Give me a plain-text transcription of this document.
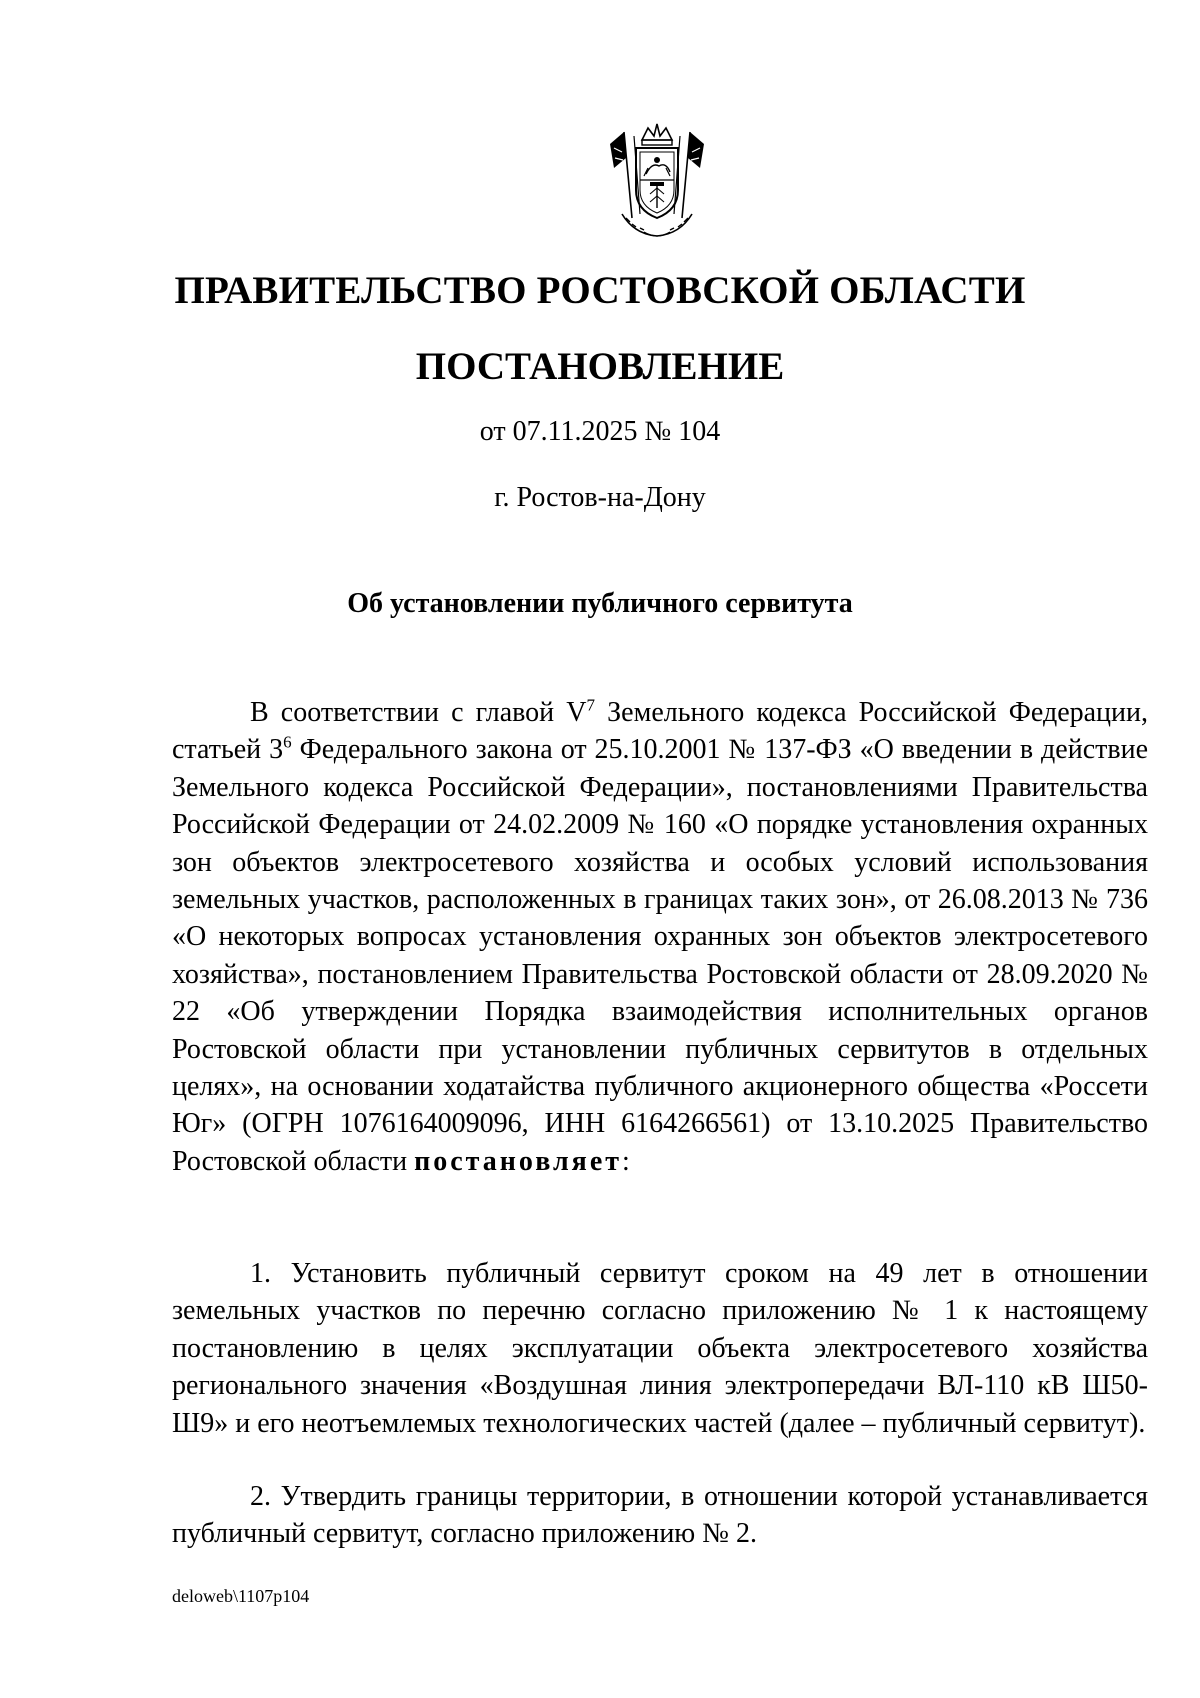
ПРАВИТЕЛЬСТВО РОСТОВСКОЙ ОБЛАСТИ
ПОСТАНОВЛЕНИЕ
от 07.11.2025 № 104
г. Ростов-на-Дону
Об установлении публичного сервитута

В соответствии с главой $V^7$ Земельного кодекса Российской Федерации, статьей $3^6$ Федерального закона от 25.10.2001 № 137-ФЗ «О введении в действие Земельного кодекса Российской Федерации», постановлениями Правительства Российской Федерации от 24.02.2009 № 160 «О порядке установления охранных зон объектов электросетевого хозяйства и особых условий использования земельных участков, расположенных в границах таких зон», от 26.08.2013 № 736 «О некоторых вопросах установления охранных зон объектов электросетевого хозяйства», постановлением Правительства Ростовской области от 28.09.2020 № 22 «Об утверждении Порядка взаимодействия исполнительных органов Ростовской области при установлении публичных сервитутов в отдельных целях», на основании ходатайства публичного акционерного общества «Россети Юг» (ОГРН 1076164009096, ИНН 6164266561) от 13.10.2025 Правительство Ростовской области постановляет:

1. Установить публичный сервитут сроком на 49 лет в отношении земельных участков по перечню согласно приложению № 1 к настоящему постановлению в целях эксплуатации объекта электросетевого хозяйства регионального значения «Воздушная линия электропередачи ВЛ-110 кВ Ш50-Ш9» и его неотъемлемых технологических частей (далее – публичный сервитут).

2. Утвердить границы территории, в отношении которой устанавливается публичный сервитут, согласно приложению № 2.

deloweb\1107p104
